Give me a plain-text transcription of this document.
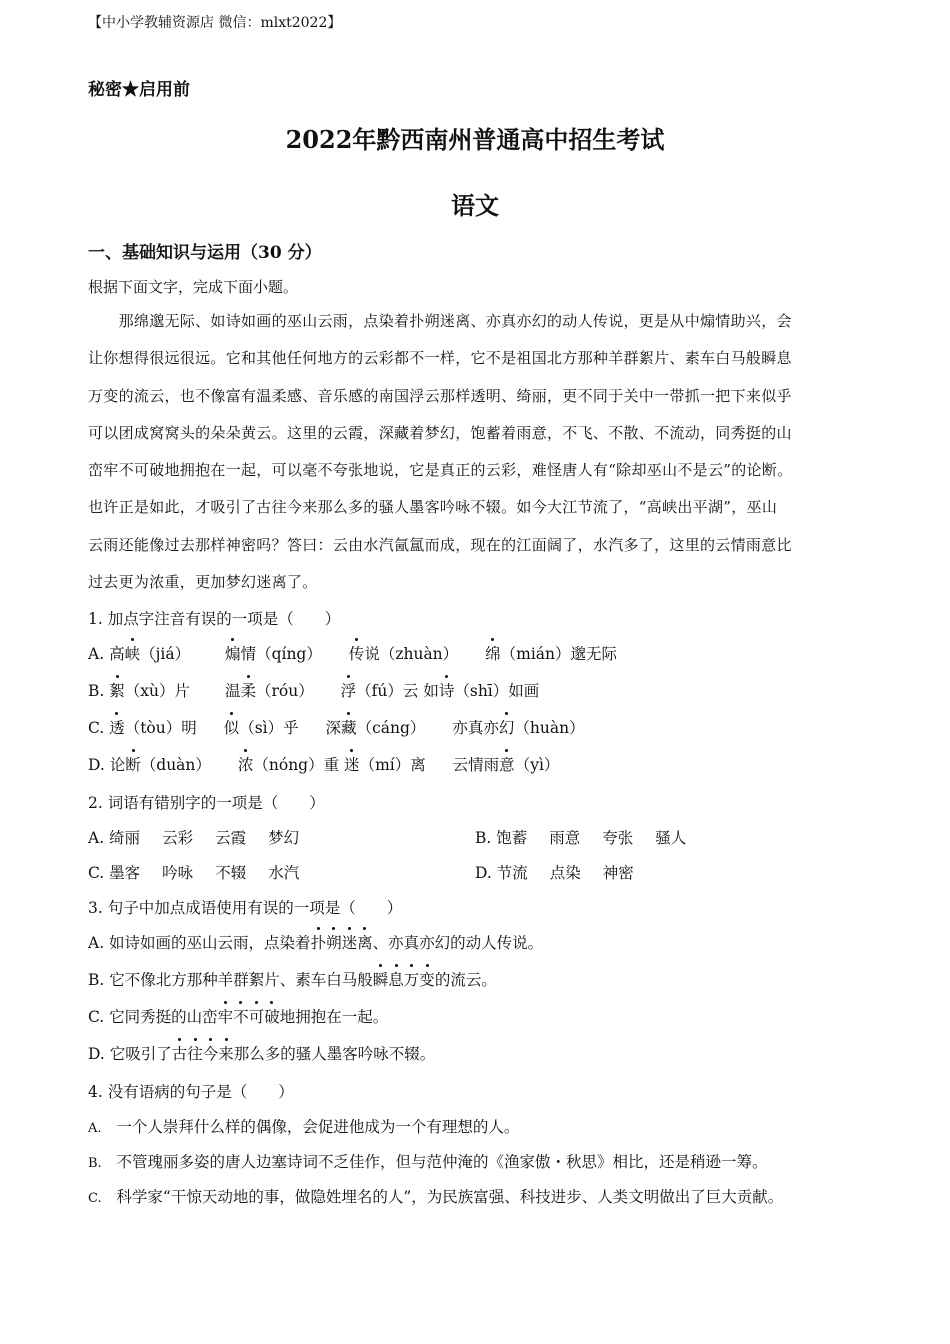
【中小学教辅资源店 微信：mlxt2022】
秘密★启用前
2022年黔西南州普通高中招生考试
语文
一、基础知识与运用（30 分）
根据下面文字，完成下面小题。
　　那绵邈无际、如诗如画的巫山云雨，点染着扑朔迷离、亦真亦幻的动人传说，更是从中煽情助兴，会
让你想得很远很远。它和其他任何地方的云彩都不一样，它不是祖国北方那种羊群絮片、素车白马般瞬息
万变的流云，也不像富有温柔感、音乐感的南国浮云那样透明、绮丽，更不同于关中一带抓一把下来似乎
可以团成窝窝头的朵朵黄云。这里的云霞，深藏着梦幻，饱蓄着雨意，不飞、不散、不流动，同秀挺的山
峦牢不可破地拥抱在一起，可以毫不夸张地说，它是真正的云彩，难怪唐人有“除却巫山不是云”的论断。
也许正是如此，才吸引了古往今来那么多的骚人墨客吟咏不辍。如今大江节流了，“高峡出平湖”，巫山
云雨还能像过去那样神密吗？答曰：云由水汽氤氲而成，现在的江面阔了，水汽多了，这里的云情雨意比
过去更为浓重，更加梦幻迷离了。
1. 加点字注音有误的一项是（　　）
A. 高峡（jiá） 煽情（qíng） 传说（zhuàn） 绵（mián）邈无际
B. 絮（xù）片 温柔（róu） 浮（fú）云 如诗（shī）如画
C. 透（tòu）明 似（sì）乎 深藏（cáng） 亦真亦幻（huàn）
D. 论断（duàn） 浓（nóng）重 迷（mí）离 云情雨意（yì）
2. 词语有错别字的一项是（　　）
A. 绮丽 云彩 云霞 梦幻	B. 饱蓄 雨意 夸张 骚人
C. 墨客 吟咏 不辍 水汽	D. 节流 点染 神密
3. 句子中加点成语使用有误的一项是（　　）
A. 如诗如画的巫山云雨，点染着扑朔迷离、亦真亦幻的动人传说。
B. 它不像北方那种羊群絮片、素车白马般瞬息万变的流云。
C. 它同秀挺的山峦牢不可破地拥抱在一起。
D. 它吸引了古往今来那么多的骚人墨客吟咏不辍。
4. 没有语病的句子是（　　）
A. 一个人崇拜什么样的偶像，会促进他成为一个有理想的人。
B. 不管瑰丽多姿的唐人边塞诗词不乏佳作，但与范仲淹的《渔家傲・秋思》相比，还是稍逊一筹。
C. 科学家“干惊天动地的事，做隐姓埋名的人”，为民族富强、科技进步、人类文明做出了巨大贡献。
